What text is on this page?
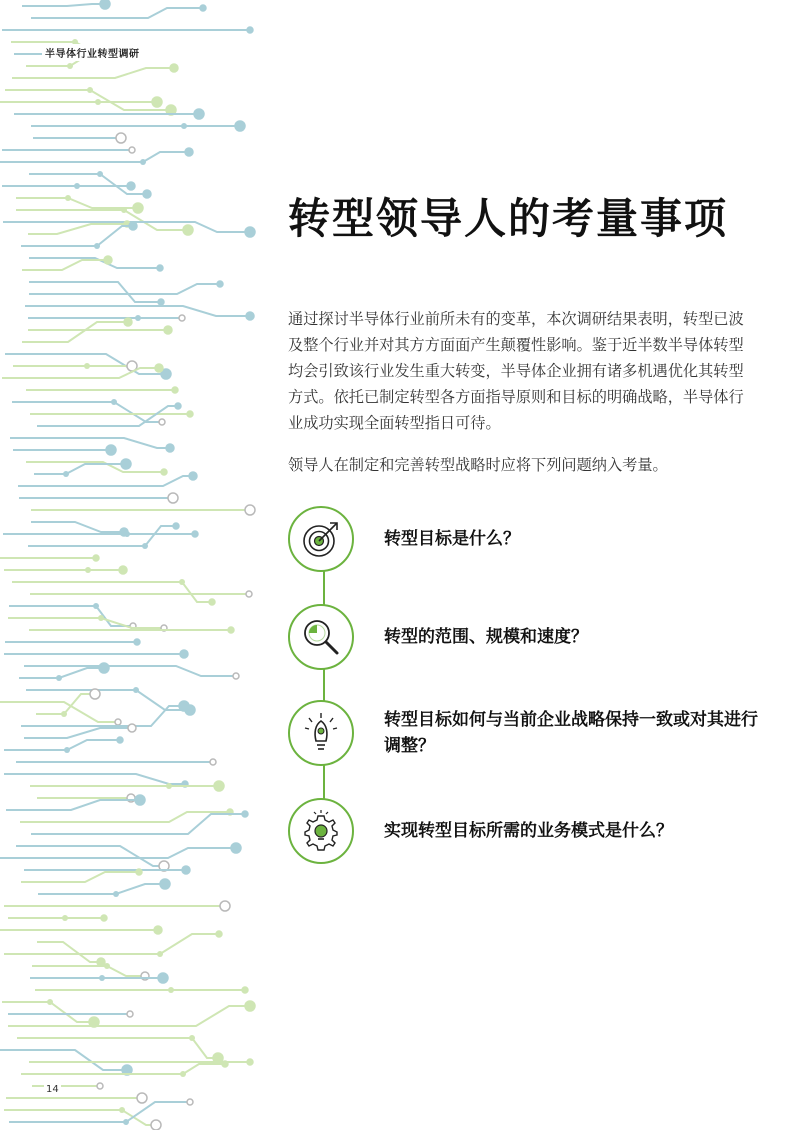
半导体行业转型调研
转型领导人的考量事项

通过探讨半导体行业前所未有的变革，本次调研结果表明，转型已波及整个行业并对其方方面面产生颠覆性影响。鉴于近半数半导体转型均会引致该行业发生重大转变，半导体企业拥有诸多机遇优化其转型方式。依托已制定转型各方面指导原则和目标的明确战略，半导体行业成功实现全面转型指日可待。

领导人在制定和完善转型战略时应将下列问题纳入考量。

转型目标是什么？
转型的范围、规模和速度？
转型目标如何与当前企业战略保持一致或对其进行调整？
实现转型目标所需的业务模式是什么？
14
